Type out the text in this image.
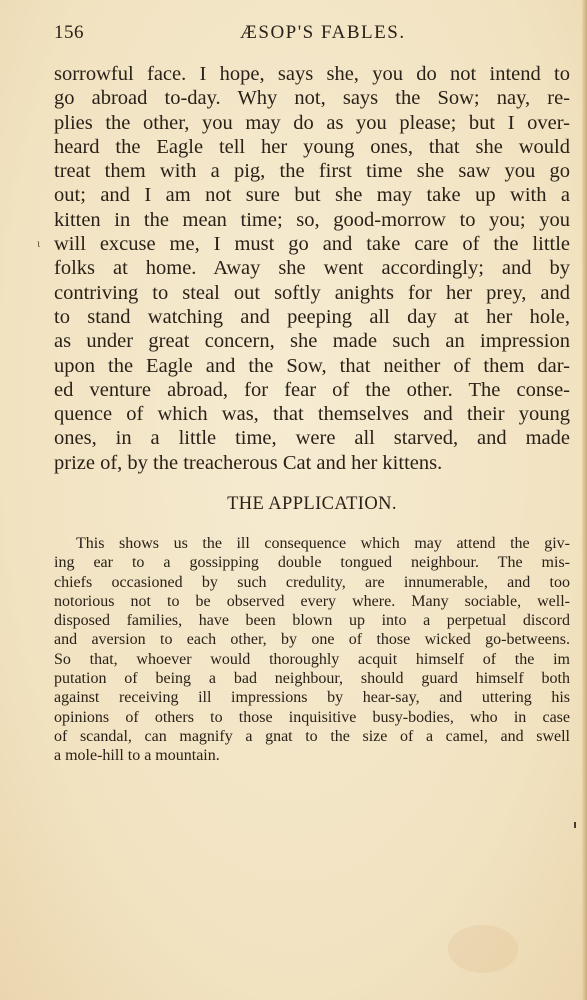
ɩ
156	ÆSOP'S FABLES.
sorrowful face. I hope, says she, you do not intend to
go abroad to-day. Why not, says the Sow; nay, re-
plies the other, you may do as you please; but I over-
heard the Eagle tell her young ones, that she would
treat them with a pig, the first time she saw you go
out; and I am not sure but she may take up with a
kitten in the mean time; so, good-morrow to you; you
will excuse me, I must go and take care of the little
folks at home. Away she went accordingly; and by
contriving to steal out softly anights for her prey, and
to stand watching and peeping all day at her hole,
as under great concern, she made such an impression
upon the Eagle and the Sow, that neither of them dar-
ed venture abroad, for fear of the other. The conse-
quence of which was, that themselves and their young
ones, in a little time, were all starved, and made
prize of, by the treacherous Cat and her kittens.
THE APPLICATION.
This shows us the ill consequence which may attend the giv-
ing ear to a gossipping double tongued neighbour. The mis-
chiefs occasioned by such credulity, are innumerable, and too
notorious not to be observed every where. Many sociable, well-
disposed families, have been blown up into a perpetual discord
and aversion to each other, by one of those wicked go-betweens.
So that, whoever would thoroughly acquit himself of the im
putation of being a bad neighbour, should guard himself both
against receiving ill impressions by hear-say, and uttering his
opinions of others to those inquisitive busy-bodies, who in case
of scandal, can magnify a gnat to the size of a camel, and swell
a mole-hill to a mountain.
